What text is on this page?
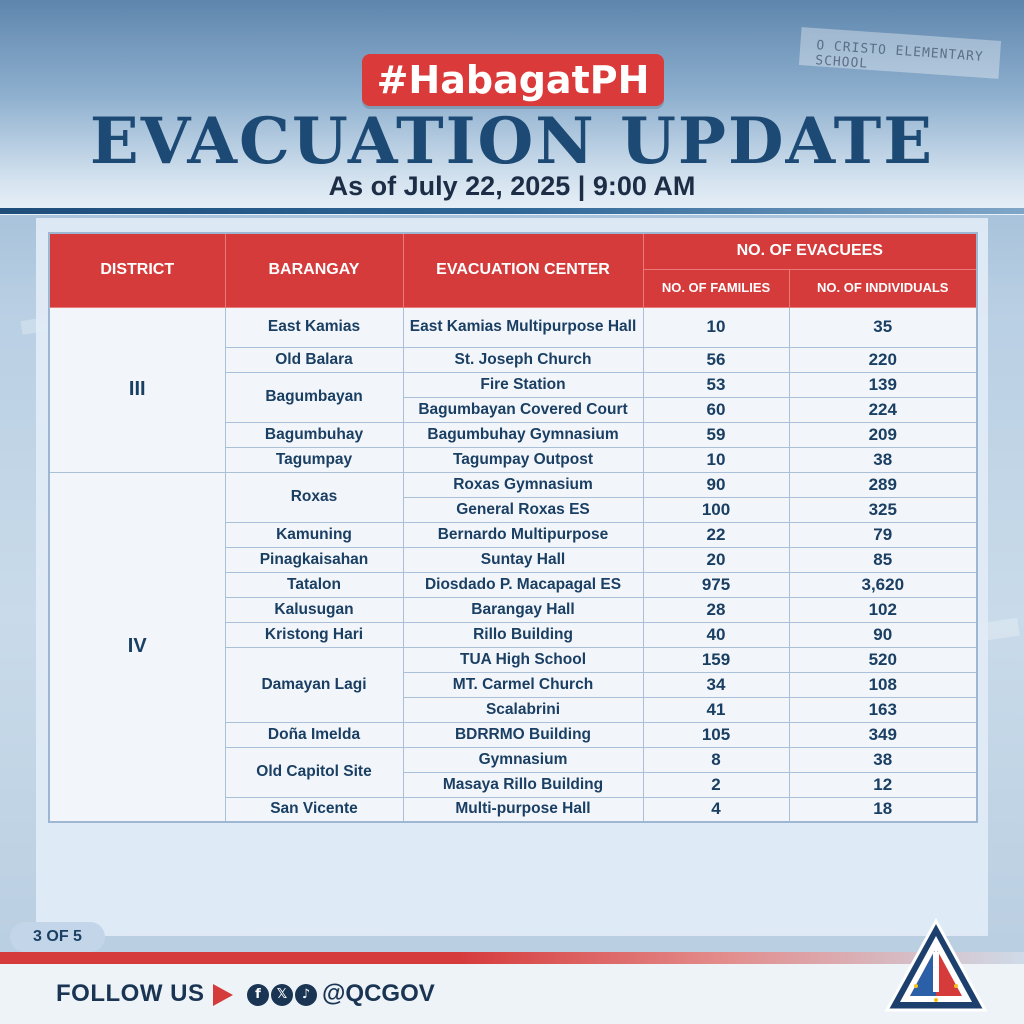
O CRISTO ELEMENTARY SCHOOL
#HabagatPH
EVACUATION UPDATE
As of July 22, 2025 | 9:00 AM
DISTRICT	BARANGAY	EVACUATION CENTER	NO. OF EVACUEES	
			NO. OF FAMILIES	NO. OF INDIVIDUALS
III	East Kamias	East Kamias Multipurpose Hall	10	35
	Old Balara	St. Joseph Church	56	220
	Bagumbayan	Fire Station	53	139
		Bagumbayan Covered Court	60	224
	Bagumbuhay	Bagumbuhay Gymnasium	59	209
	Tagumpay	Tagumpay Outpost	10	38
IV	Roxas	Roxas Gymnasium	90	289
		General Roxas ES	100	325
	Kamuning	Bernardo Multipurpose	22	79
	Pinagkaisahan	Suntay Hall	20	85
	Tatalon	Diosdado P. Macapagal ES	975	3,620
	Kalusugan	Barangay Hall	28	102
	Kristong Hari	Rillo Building	40	90
	Damayan Lagi	TUA High School	159	520
		MT. Carmel Church	34	108
		Scalabrini	41	163
	Doña Imelda	BDRRMO Building	105	349
	Old Capitol Site	Gymnasium	8	38
		Masaya Rillo Building	2	12
	San Vicente	Multi-purpose Hall	4	18
3 OF 5
FOLLOW US	f	𝕏	♪ @QCGOV
